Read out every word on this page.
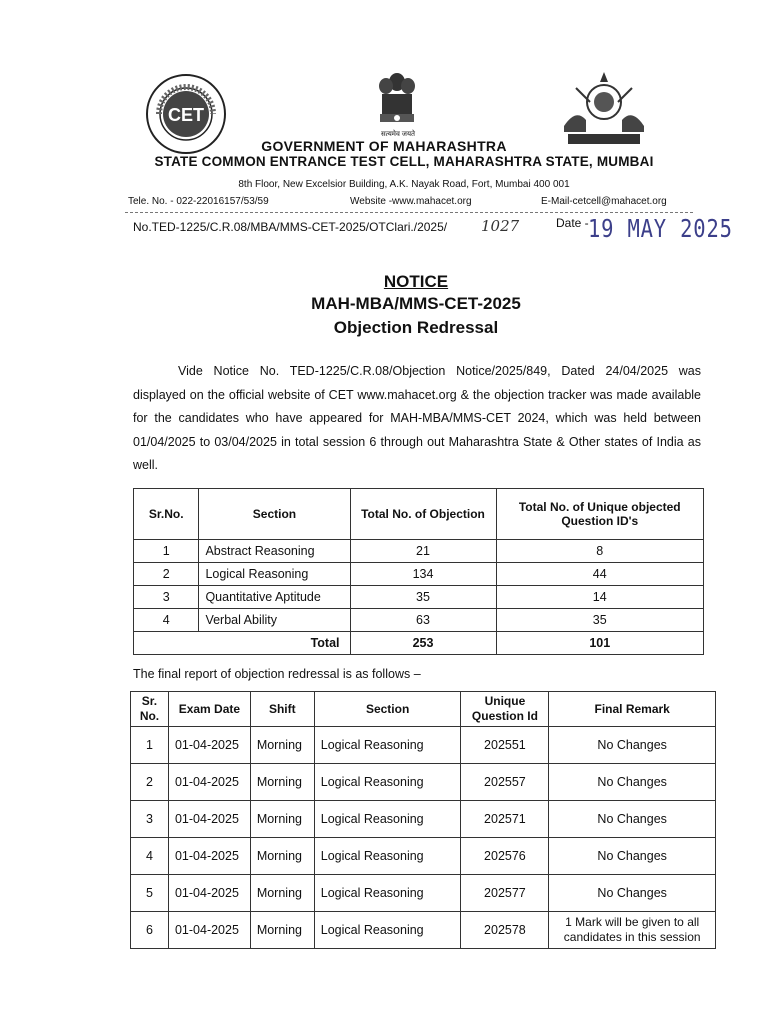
CET
सत्यमेव जयते
GOVERNMENT OF MAHARASHTRA
STATE COMMON ENTRANCE TEST CELL, MAHARASHTRA STATE, MUMBAI
8th Floor, New Excelsior Building, A.K. Nayak Road, Fort, Mumbai 400 001
Tele. No. - 022-22016157/53/59	Website -www.mahacet.org	E-Mail-cetcell@mahacet.org
No.TED-1225/C.R.08/MBA/MMS-CET-2025/OTClari./2025/ 1027	Date - 19 MAY 2025
NOTICE
MAH-MBA/MMS-CET-2025
Objection Redressal
Vide Notice No. TED-1225/C.R.08/Objection Notice/2025/849, Dated 24/04/2025 was displayed on the official website of CET www.mahacet.org & the objection tracker was made available for the candidates who have appeared for MAH-MBA/MMS-CET 2024, which was held between 01/04/2025 to 03/04/2025 in total session 6 through out Maharashtra State & Other states of India as well.
Sr.No.	Section	Total No. of Objection	Total No. of Unique objected Question ID's
1	Abstract Reasoning	21	8
2	Logical Reasoning	134	44
3	Quantitative Aptitude	35	14
4	Verbal Ability	63	35
Total		253	101
The final report of objection redressal is as follows –
Sr. No.	Exam Date	Shift	Section	Unique Question Id	Final Remark
1	01-04-2025	Morning	Logical Reasoning	202551	No Changes
2	01-04-2025	Morning	Logical Reasoning	202557	No Changes
3	01-04-2025	Morning	Logical Reasoning	202571	No Changes
4	01-04-2025	Morning	Logical Reasoning	202576	No Changes
5	01-04-2025	Morning	Logical Reasoning	202577	No Changes
6	01-04-2025	Morning	Logical Reasoning	202578	1 Mark will be given to all candidates in this session
